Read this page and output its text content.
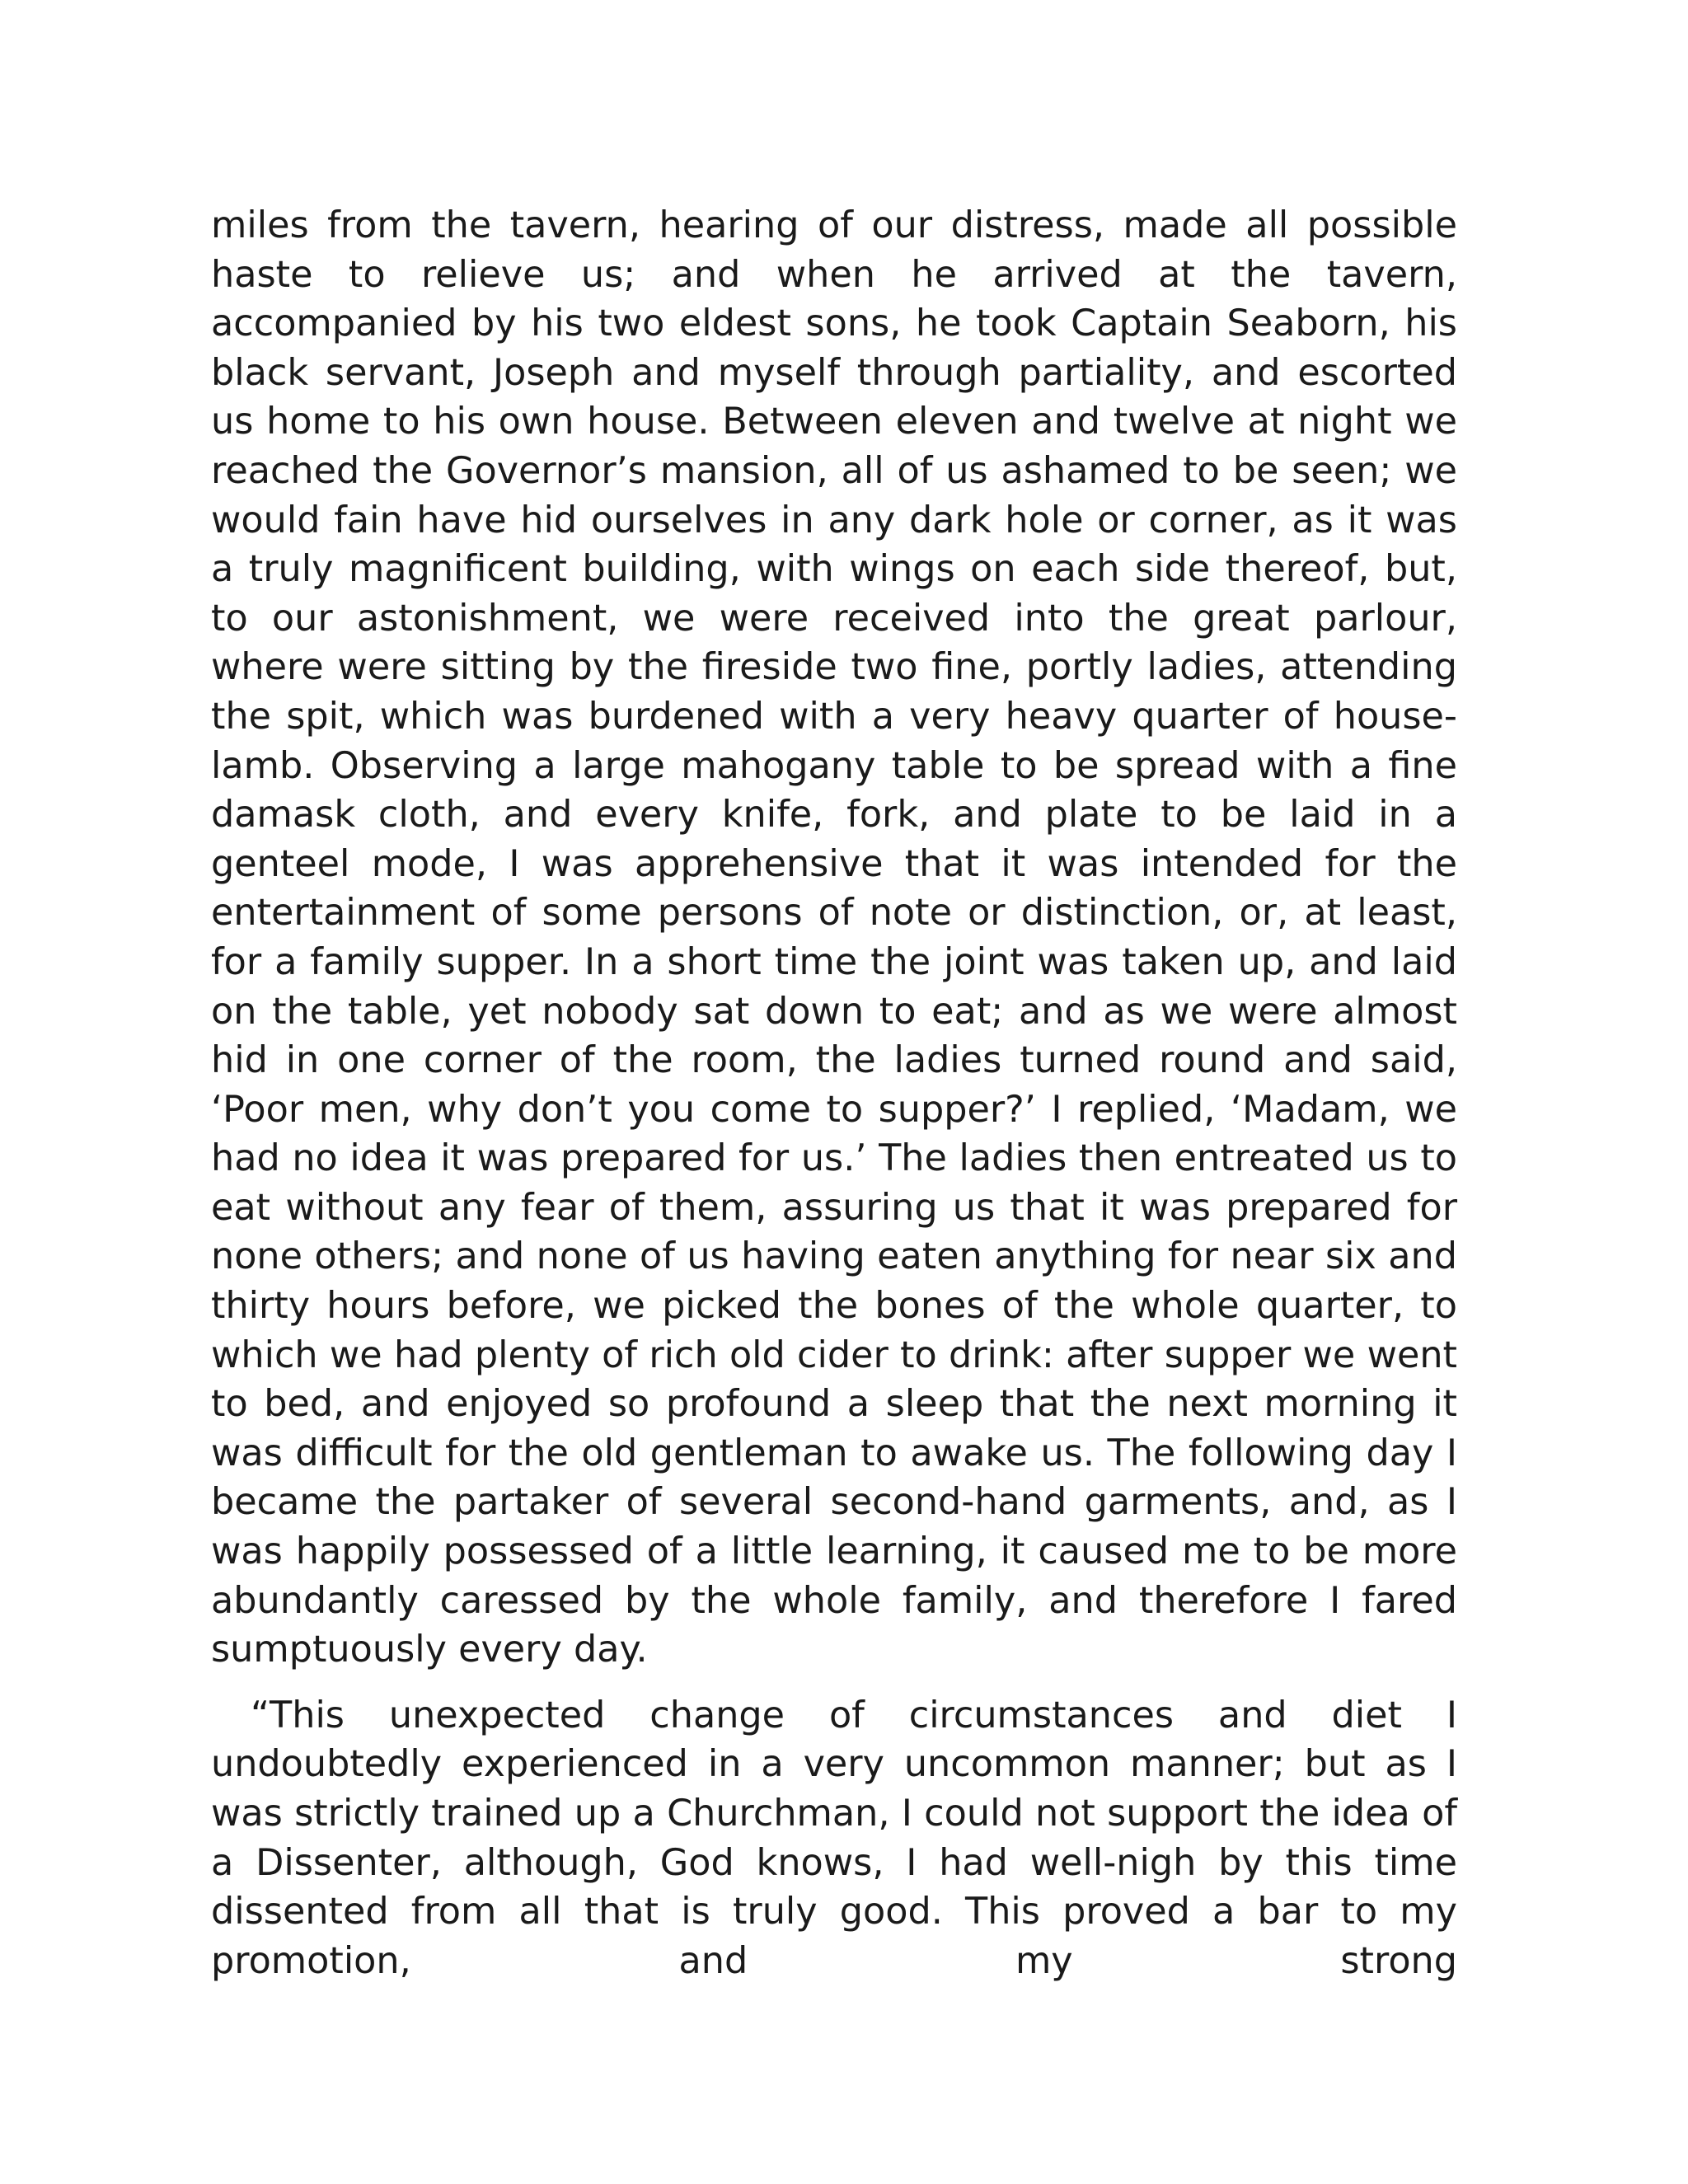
miles from the tavern, hearing of our distress, made all possible haste to relieve us; and when he arrived at the tavern, accompanied by his two eldest sons, he took Captain Seaborn, his black servant, Joseph and myself through partiality, and escorted us home to his own house. Between eleven and twelve at night we reached the Governor’s mansion, all of us ashamed to be seen; we would fain have hid ourselves in any dark hole or corner, as it was a truly magnificent building, with wings on each side thereof, but, to our astonishment, we were received into the great parlour, where were sitting by the fireside two fine, portly ladies, attending the spit, which was burdened with a very heavy quarter of house-lamb. Observing a large mahogany table to be spread with a fine damask cloth, and every knife, fork, and plate to be laid in a genteel mode, I was apprehensive that it was intended for the entertainment of some persons of note or distinction, or, at least, for a family supper. In a short time the joint was taken up, and laid on the table, yet nobody sat down to eat; and as we were almost hid in one corner of the room, the ladies turned round and said, ‘Poor men, why don’t you come to supper?’ I replied, ‘Madam, we had no idea it was prepared for us.’ The ladies then entreated us to eat without any fear of them, assuring us that it was prepared for none others; and none of us having eaten anything for near six and thirty hours before, we picked the bones of the whole quarter, to which we had plenty of rich old cider to drink: after supper we went to bed, and enjoyed so profound a sleep that the next morning it was difficult for the old gentleman to awake us. The following day I became the partaker of several second-hand garments, and, as I was happily possessed of a little learning, it caused me to be more abundantly caressed by the whole family, and therefore I fared sumptuously every day.

“This unexpected change of circumstances and diet I undoubtedly experienced in a very uncommon manner; but as I was strictly trained up a Churchman, I could not support the idea of a Dissenter, although, God knows, I had well-nigh by this time dissented from all that is truly good. This proved a bar to my promotion, and my strong
